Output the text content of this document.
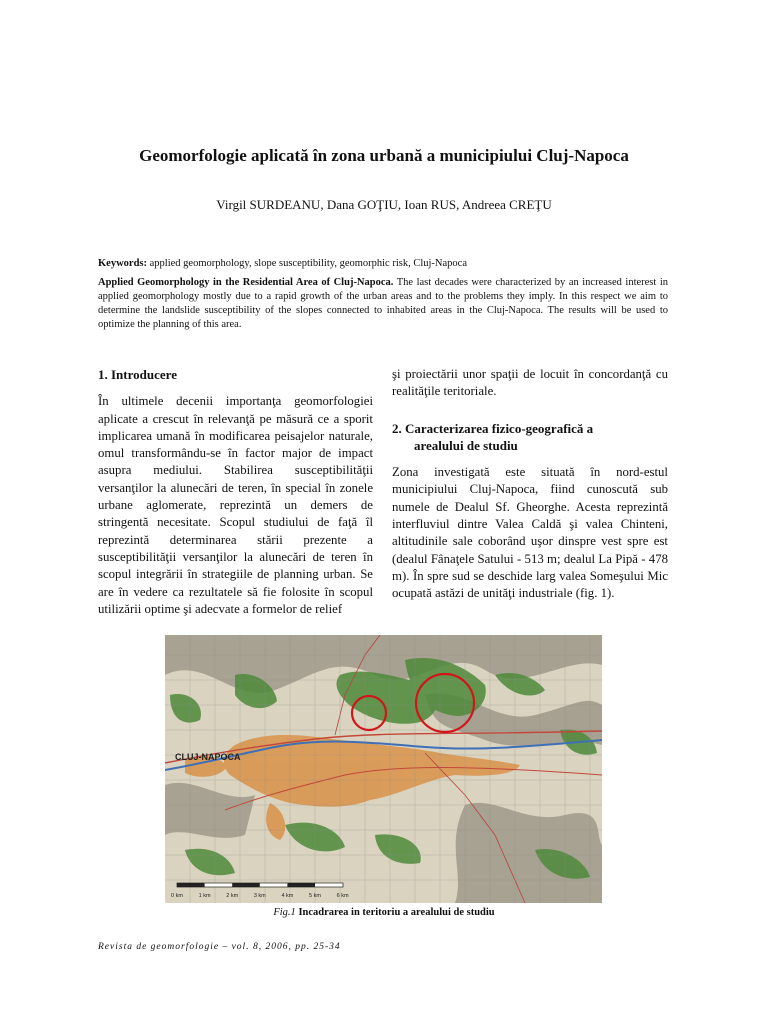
Geomorfologie aplicată în zona urbană a municipiului Cluj-Napoca
Virgil SURDEANU, Dana GOŢIU, Ioan RUS, Andreea CREŢU
Keywords: applied geomorphology, slope susceptibility, geomorphic risk, Cluj-Napoca
Applied Geomorphology in the Residential Area of Cluj-Napoca. The last decades were characterized by an increased interest in applied geomorphology mostly due to a rapid growth of the urban areas and to the problems they imply. In this respect we aim to determine the landslide susceptibility of the slopes connected to inhabited areas in the Cluj-Napoca. The results will be used to optimize the planning of this area.

1. Introducere

În ultimele decenii importanţa geomorfologiei aplicate a crescut în relevanţă pe măsură ce a sporit implicarea umană în modificarea peisajelor naturale, omul transformându-se în factor major de impact asupra mediului. Stabilirea susceptibilităţii versanţilor la alunecări de teren, în special în zonele urbane aglomerate, reprezintă un demers de stringentă necesitate. Scopul studiului de faţă îl reprezintă determinarea stării prezente a susceptibilităţii versanţilor la alunecări de teren în scopul integrării în strategiile de planning urban. Se are în vedere ca rezultatele să fie folosite în scopul utilizării optime şi adecvate a formelor de relief

şi proiectării unor spaţii de locuit în concordanţă cu realităţile teritoriale.

2. Caracterizarea fizico-geografică a
arealului de studiu

Zona investigată este situată în nord-estul municipiului Cluj-Napoca, fiind cunoscută sub numele de Dealul Sf. Gheorghe. Acesta reprezintă interfluviul dintre Valea Caldă şi valea Chinteni, altitudinile sale coborând uşor dinspre vest spre est (dealul Fânaţele Satului - 513 m; dealul La Pipă - 478 m). În spre sud se deschide larg valea Someşului Mic ocupată astăzi de unităţi industriale (fig. 1).

CLUJ-NAPOCA
0 km	1 km	2 km	3 km	4 km	5 km	6 km
Fig.1 Incadrarea in teritoriu a arealului de studiu
Revista de geomorfologie – vol. 8, 2006, pp. 25-34
